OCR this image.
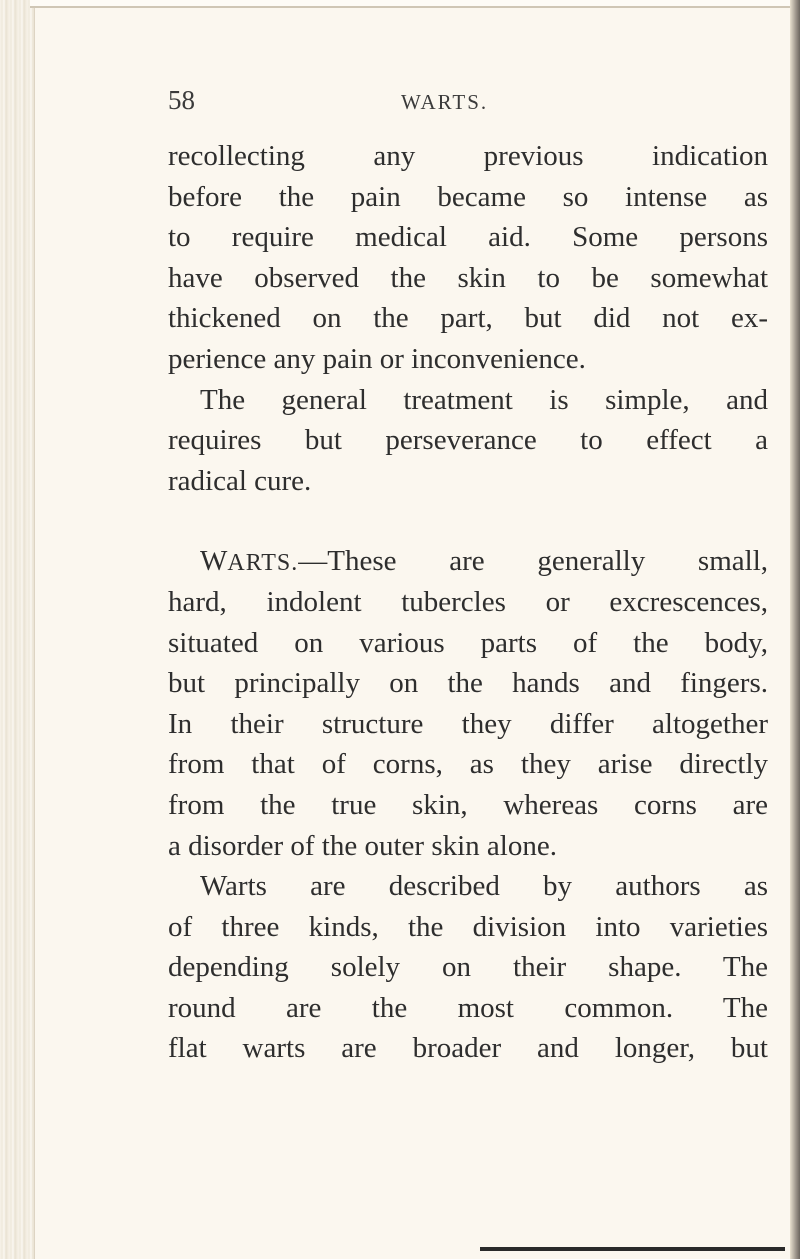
58	WARTS.
recollecting any previous indication
before the pain became so intense as
to require medical aid. Some persons
have observed the skin to be somewhat
thickened on the part, but did not ex-
perience any pain or inconvenience.
The general treatment is simple, and
requires but perseverance to effect a
radical cure.
WARTS.—These are generally small,
hard, indolent tubercles or excrescences,
situated on various parts of the body,
but principally on the hands and fingers.
In their structure they differ altogether
from that of corns, as they arise directly
from the true skin, whereas corns are
a disorder of the outer skin alone.
Warts are described by authors as
of three kinds, the division into varieties
depending solely on their shape. The
round are the most common. The
flat warts are broader and longer, but
